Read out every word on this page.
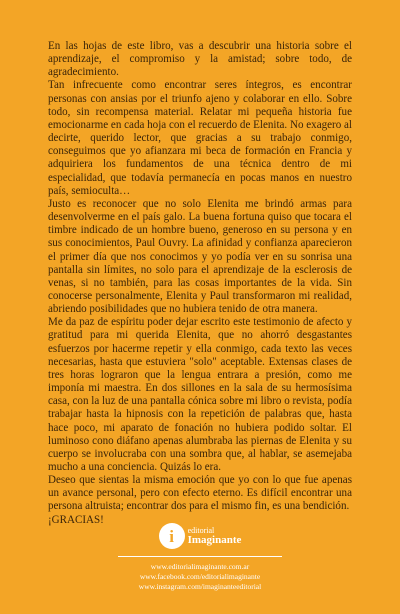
En las hojas de este libro, vas a descubrir una historia sobre el aprendizaje, el compromiso y la amistad; sobre todo, de agradecimiento.

Tan infrecuente como encontrar seres íntegros, es encontrar personas con ansias por el triunfo ajeno y colaborar en ello. Sobre todo, sin recompensa material. Relatar mi pequeña historia fue emocionarme en cada hoja con el recuerdo de Elenita. No exagero al decirte, querido lector, que gracias a su trabajo conmigo, conseguimos que yo afianzara mi beca de formación en Francia y adquiriera los fundamentos de una técnica dentro de mi especialidad, que todavía permanecía en pocas manos en nuestro país, semioculta…

Justo es reconocer que no solo Elenita me brindó armas para desenvolverme en el país galo. La buena fortuna quiso que tocara el timbre indicado de un hombre bueno, generoso en su persona y en sus conocimientos, Paul Ouvry. La afinidad y confianza aparecieron el primer día que nos conocimos y yo podía ver en su sonrisa una pantalla sin límites, no solo para el aprendizaje de la esclerosis de venas, si no también, para las cosas importantes de la vida. Sin conocerse personalmente, Elenita y Paul transformaron mi realidad, abriendo posibilidades que no hubiera tenido de otra manera.

Me da paz de espíritu poder dejar escrito este testimonio de afecto y gratitud para mi querida Elenita, que no ahorró desgastantes esfuerzos por hacerme repetir y ella conmigo, cada texto las veces necesarias, hasta que estuviera "solo" aceptable. Extensas clases de tres horas lograron que la lengua entrara a presión, como me imponía mi maestra. En dos sillones en la sala de su hermosísima casa, con la luz de una pantalla cónica sobre mi libro o revista, podía trabajar hasta la hipnosis con la repetición de palabras que, hasta hace poco, mi aparato de fonación no hubiera podido soltar. El luminoso cono diáfano apenas alumbraba las piernas de Elenita y su cuerpo se involucraba con una sombra que, al hablar, se asemejaba mucho a una conciencia. Quizás lo era.

Deseo que sientas la misma emoción que yo con lo que fue apenas un avance personal, pero con efecto eterno. Es difícil encontrar una persona altruista; encontrar dos para el mismo fin, es una bendición.

¡GRACIAS!

i	editorial
Imaginante
www.editorialimaginante.com.ar
www.facebook.com/editorialimaginante
www.instagram.com/imaginanteeditorial
